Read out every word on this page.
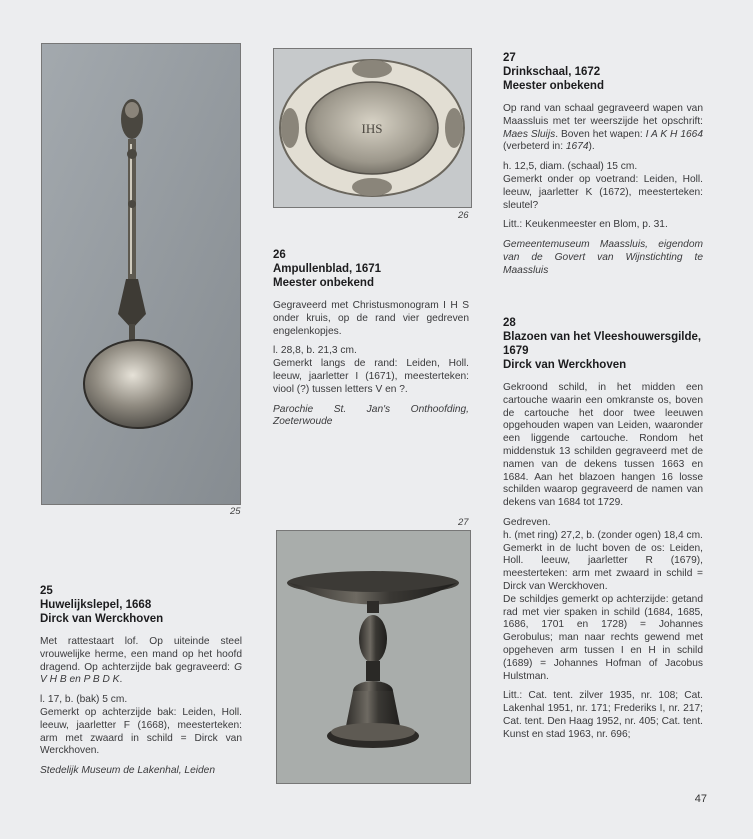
25
IHS
26
27
25
Huwelijkslepel, 1668
Dirck van Werckhoven

Met rattestaart lof. Op uiteinde steel vrouwelijke herme, een mand op het hoofd dragend. Op achterzijde bak gegraveerd: G V H B en P B D K.

l. 17, b. (bak) 5 cm.

Gemerkt op achterzijde bak: Leiden, Holl. leeuw, jaarletter F (1668), meesterteken: arm met zwaard in schild = Dirck van Werckhoven.

Stedelijk Museum de Lakenhal, Leiden

26
Ampullenblad, 1671
Meester onbekend

Gegraveerd met Christusmonogram I H S onder kruis, op de rand vier gedreven engelenkopjes.

l. 28,8, b. 21,3 cm.

Gemerkt langs de rand: Leiden, Holl. leeuw, jaarletter I (1671), meesterteken: viool (?) tussen letters V en ?.

Parochie St. Jan's Onthoofding, Zoeterwoude

27
Drinkschaal, 1672
Meester onbekend

Op rand van schaal gegraveerd wapen van Maassluis met ter weerszijde het opschrift: Maes Sluijs. Boven het wapen: I A K H 1664 (verbeterd in: 1674).

h. 12,5, diam. (schaal) 15 cm.

Gemerkt onder op voetrand: Leiden, Holl. leeuw, jaarletter K (1672), meesterteken: sleutel?

Litt.: Keukenmeester en Blom, p. 31.

Gemeentemuseum Maassluis, eigendom van de Govert van Wijnstichting te Maassluis

28
Blazoen van het Vleeshouwersgilde, 1679
Dirck van Werckhoven

Gekroond schild, in het midden een cartouche waarin een omkranste os, boven de cartouche het door twee leeuwen opgehouden wapen van Leiden, waaronder een liggende cartouche. Rondom het middenstuk 13 schilden gegraveerd met de namen van de dekens tussen 1663 en 1684. Aan het blazoen hangen 16 losse schilden waarop gegraveerd de namen van dekens van 1684 tot 1729.

Gedreven.

h. (met ring) 27,2, b. (zonder ogen) 18,4 cm.

Gemerkt in de lucht boven de os: Leiden, Holl. leeuw, jaarletter R (1679), meesterteken: arm met zwaard in schild = Dirck van Werckhoven.

De schildjes gemerkt op achterzijde: getand rad met vier spaken in schild (1684, 1685, 1686, 1701 en 1728) = Johannes Gerobulus; man naar rechts gewend met opgeheven arm tussen I en H in schild (1689) = Johannes Hofman of Jacobus Hulstman.

Litt.: Cat. tent. zilver 1935, nr. 108; Cat. Lakenhal 1951, nr. 171; Frederiks I, nr. 217; Cat. tent. Den Haag 1952, nr. 405; Cat. tent. Kunst en stad 1963, nr. 696;

47
